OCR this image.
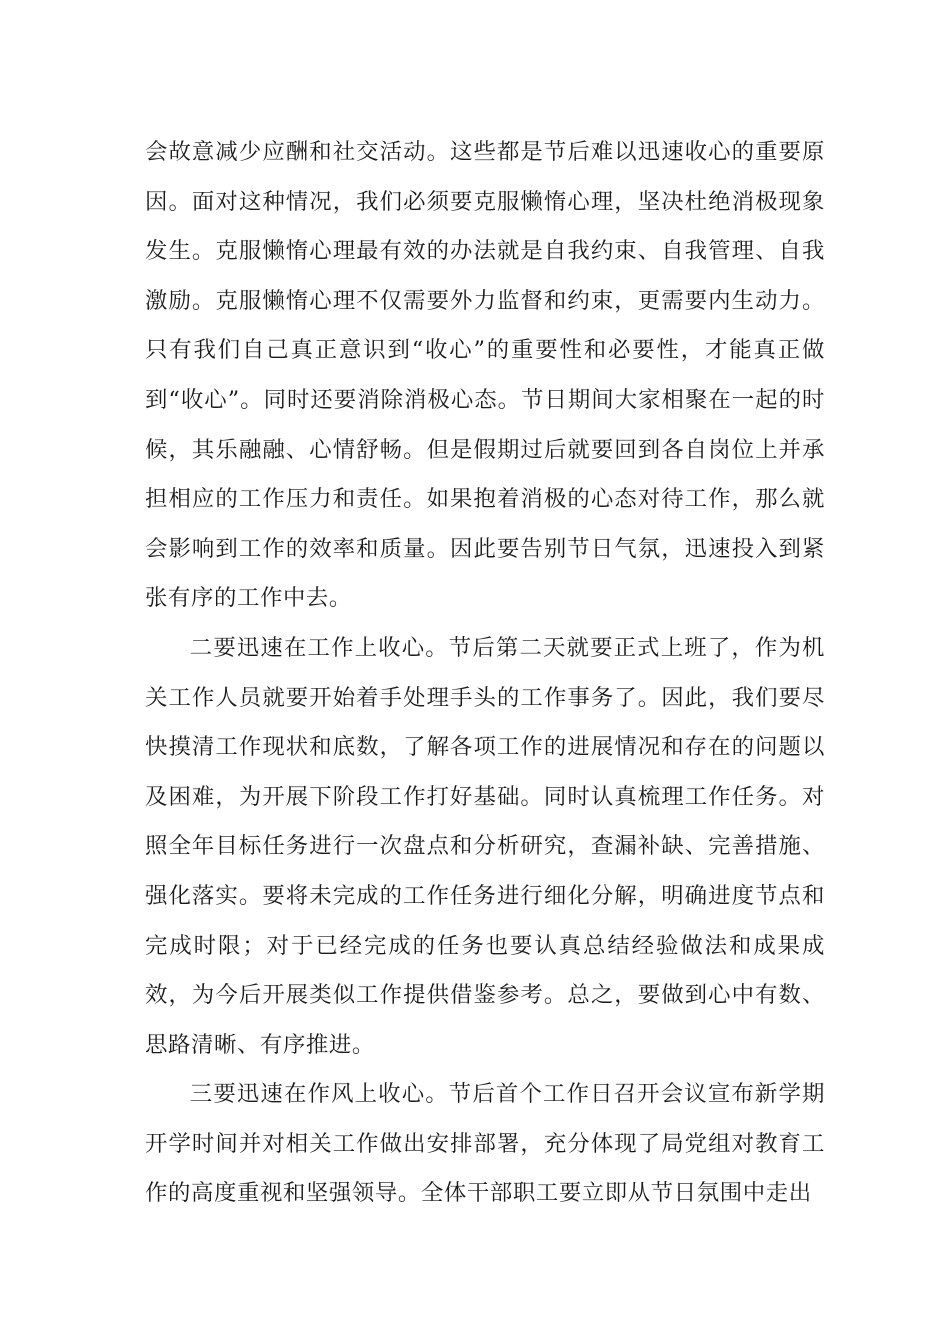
会故意减少应酬和社交活动。这些都是节后难以迅速收心的重要原因。面对这种情况，我们必须要克服懒惰心理，坚决杜绝消极现象发生。克服懒惰心理最有效的办法就是自我约束、自我管理、自我激励。克服懒惰心理不仅需要外力监督和约束，更需要内生动力。只有我们自己真正意识到“收心”的重要性和必要性，才能真正做到“收心”。同时还要消除消极心态。节日期间大家相聚在一起的时候，其乐融融、心情舒畅。但是假期过后就要回到各自岗位上并承担相应的工作压力和责任。如果抱着消极的心态对待工作，那么就会影响到工作的效率和质量。因此要告别节日气氛，迅速投入到紧张有序的工作中去。

二要迅速在工作上收心。节后第二天就要正式上班了，作为机关工作人员就要开始着手处理手头的工作事务了。因此，我们要尽快摸清工作现状和底数，了解各项工作的进展情况和存在的问题以及困难，为开展下阶段工作打好基础。同时认真梳理工作任务。对照全年目标任务进行一次盘点和分析研究，查漏补缺、完善措施、强化落实。要将未完成的工作任务进行细化分解，明确进度节点和完成时限；对于已经完成的任务也要认真总结经验做法和成果成效，为今后开展类似工作提供借鉴参考。总之，要做到心中有数、思路清晰、有序推进。

三要迅速在作风上收心。节后首个工作日召开会议宣布新学期开学时间并对相关工作做出安排部署，充分体现了局党组对教育工作的高度重视和坚强领导。全体干部职工要立即从节日氛围中走出
